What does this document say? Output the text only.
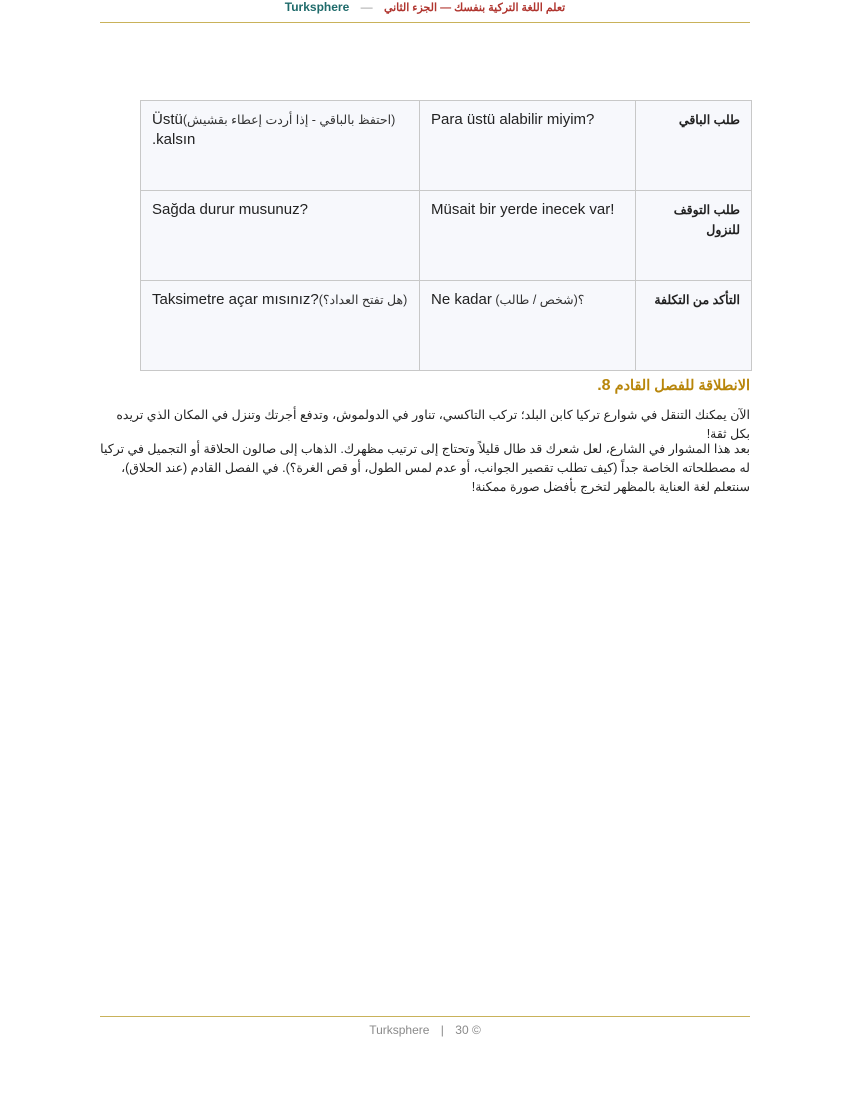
Turksphere — تعلم اللغة التركية بنفسك — الجزء الثاني
(احتفظ بالباقي - إذا أردت إعطاء بقشيش)Üstü kalsın.	?Para üstü alabilir miyim	طلب الباقي

?Sağda durur musunuz	!Müsait bir yerde inecek var	طلب التوقف للنزول

(هل تفتح العداد؟)?Taksimetre açar mısınız	؟(شخص / طالب) Ne kadar	التأكد من التكلفة
الانطلاقة للفصل القادم 8.

الآن يمكنك التنقل في شوارع تركيا كابن البلد؛ تركب التاكسي، تناور في الدولموش، وتدفع أجرتك وتنزل في المكان الذي تريده بكل ثقة!

بعد هذا المشوار في الشارع، لعل شعرك قد طال قليلاً وتحتاج إلى ترتيب مظهرك. الذهاب إلى صالون الحلاقة أو التجميل في تركيا له مصطلحاته الخاصة جداً (كيف تطلب تقصير الجوانب، أو عدم لمس الطول، أو قص الغرة؟). في الفصل القادم (عند الحلاق)، سنتعلم لغة العناية بالمظهر لتخرج بأفضل صورة ممكنة!

Turksphere | 30 ©
